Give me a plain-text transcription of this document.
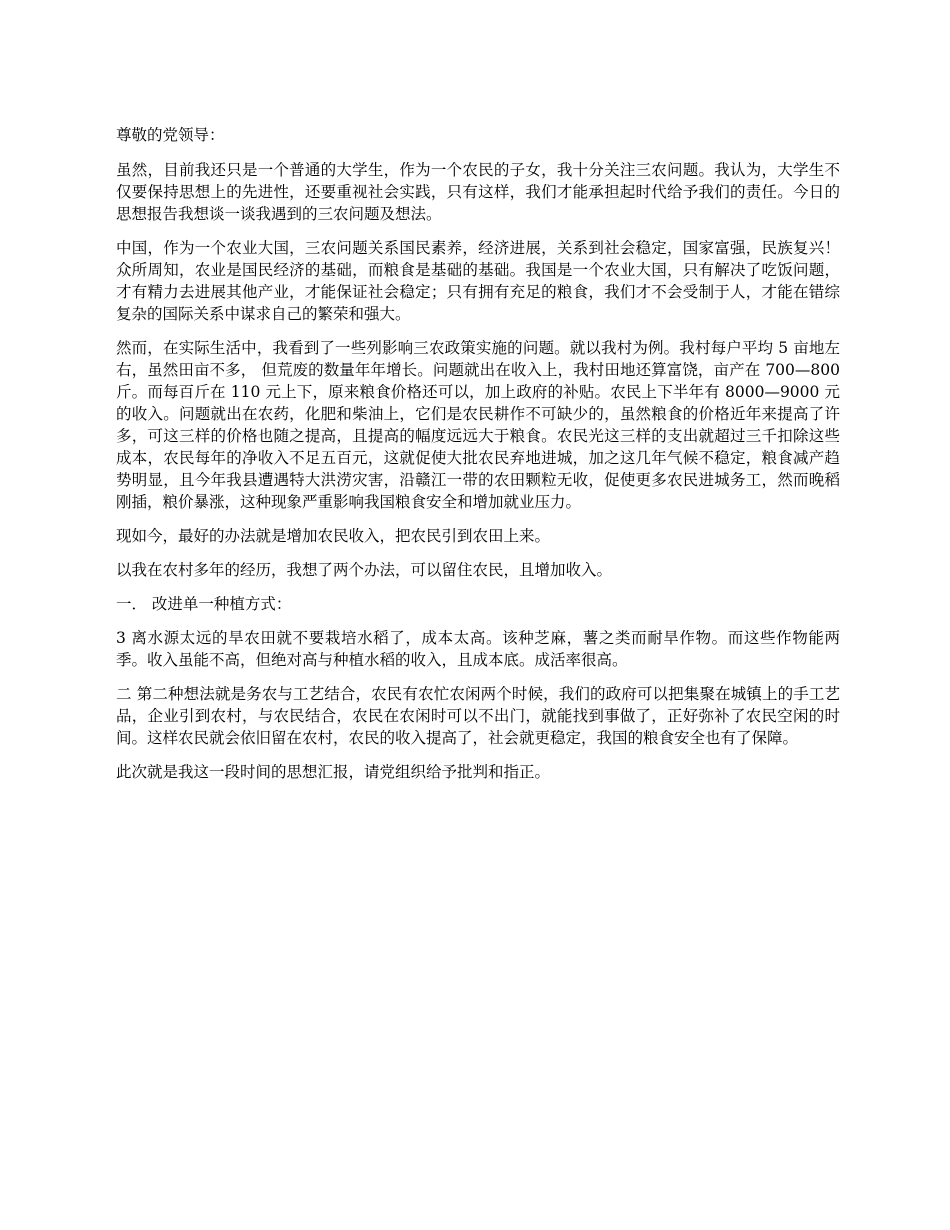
尊敬的党领导：

虽然，目前我还只是一个普通的大学生，作为一个农民的子女，我十分关注三农问题。我认为，大学生不仅要保持思想上的先进性，还要重视社会实践，只有这样，我们才能承担起时代给予我们的责任。今日的思想报告我想谈一谈我遇到的三农问题及想法。

中国，作为一个农业大国，三农问题关系国民素养，经济进展，关系到社会稳定，国家富强，民族复兴！众所周知，农业是国民经济的基础，而粮食是基础的基础。我国是一个农业大国，只有解决了吃饭问题，才有精力去进展其他产业，才能保证社会稳定；只有拥有充足的粮食，我们才不会受制于人，才能在错综复杂的国际关系中谋求自己的繁荣和强大。

然而，在实际生活中，我看到了一些列影响三农政策实施的问题。就以我村为例。我村每户平均 5 亩地左右，虽然田亩不多， 但荒废的数量年年增长。问题就出在收入上，我村田地还算富饶，亩产在 700—800 斤。而每百斤在 110 元上下，原来粮食价格还可以，加上政府的补贴。农民上下半年有 8000—9000 元的收入。问题就出在农药，化肥和柴油上，它们是农民耕作不可缺少的，虽然粮食的价格近年来提高了许多，可这三样的价格也随之提高，且提高的幅度远远大于粮食。农民光这三样的支出就超过三千扣除这些成本，农民每年的净收入不足五百元，这就促使大批农民弃地进城，加之这几年气候不稳定，粮食减产趋势明显，且今年我县遭遇特大洪涝灾害，沿赣江一带的农田颗粒无收，促使更多农民进城务工，然而晚稻刚插，粮价暴涨，这种现象严重影响我国粮食安全和增加就业压力。

现如今，最好的办法就是增加农民收入，把农民引到农田上来。

以我在农村多年的经历，我想了两个办法，可以留住农民，且增加收入。

一． 改进单一种植方式：

3 离水源太远的旱农田就不要栽培水稻了，成本太高。该种芝麻，薯之类而耐旱作物。而这些作物能两季。收入虽能不高，但绝对高与种植水稻的收入，且成本底。成活率很高。

二 第二种想法就是务农与工艺结合，农民有农忙农闲两个时候，我们的政府可以把集聚在城镇上的手工艺品，企业引到农村，与农民结合，农民在农闲时可以不出门，就能找到事做了，正好弥补了农民空闲的时间。这样农民就会依旧留在农村，农民的收入提高了，社会就更稳定，我国的粮食安全也有了保障。

此次就是我这一段时间的思想汇报，请党组织给予批判和指正。
